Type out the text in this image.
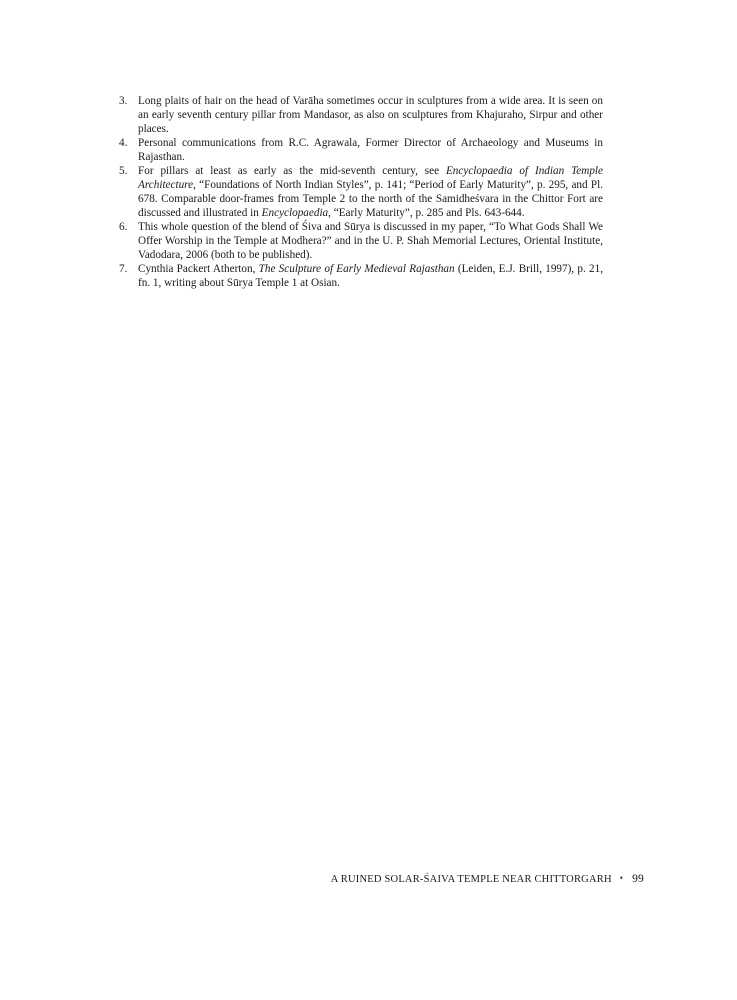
3. Long plaits of hair on the head of Varāha sometimes occur in sculptures from a wide area. It is seen on an early seventh century pillar from Mandasor, as also on sculptures from Khajuraho, Sirpur and other places.
4. Personal communications from R.C. Agrawala, Former Director of Archaeology and Museums in Rajasthan.
5. For pillars at least as early as the mid-seventh century, see Encyclopaedia of Indian Temple Architecture, “Foundations of North Indian Styles”, p. 141; “Period of Early Maturity”, p. 295, and Pl. 678. Comparable door-frames from Temple 2 to the north of the Samidheśvara in the Chittor Fort are discussed and illustrated in Encyclopaedia, “Early Maturity”, p. 285 and Pls. 643-644.
6. This whole question of the blend of Śiva and Sūrya is discussed in my paper, “To What Gods Shall We Offer Worship in the Temple at Modhera?” and in the U. P. Shah Memorial Lectures, Oriental Institute, Vadodara, 2006 (both to be published).
7. Cynthia Packert Atherton, The Sculpture of Early Medieval Rajasthan (Leiden, E.J. Brill, 1997), p. 21, fn. 1, writing about Sūrya Temple 1 at Osian.
A RUINED SOLAR-ŚAIVA TEMPLE NEAR CHITTORGARH • 99
